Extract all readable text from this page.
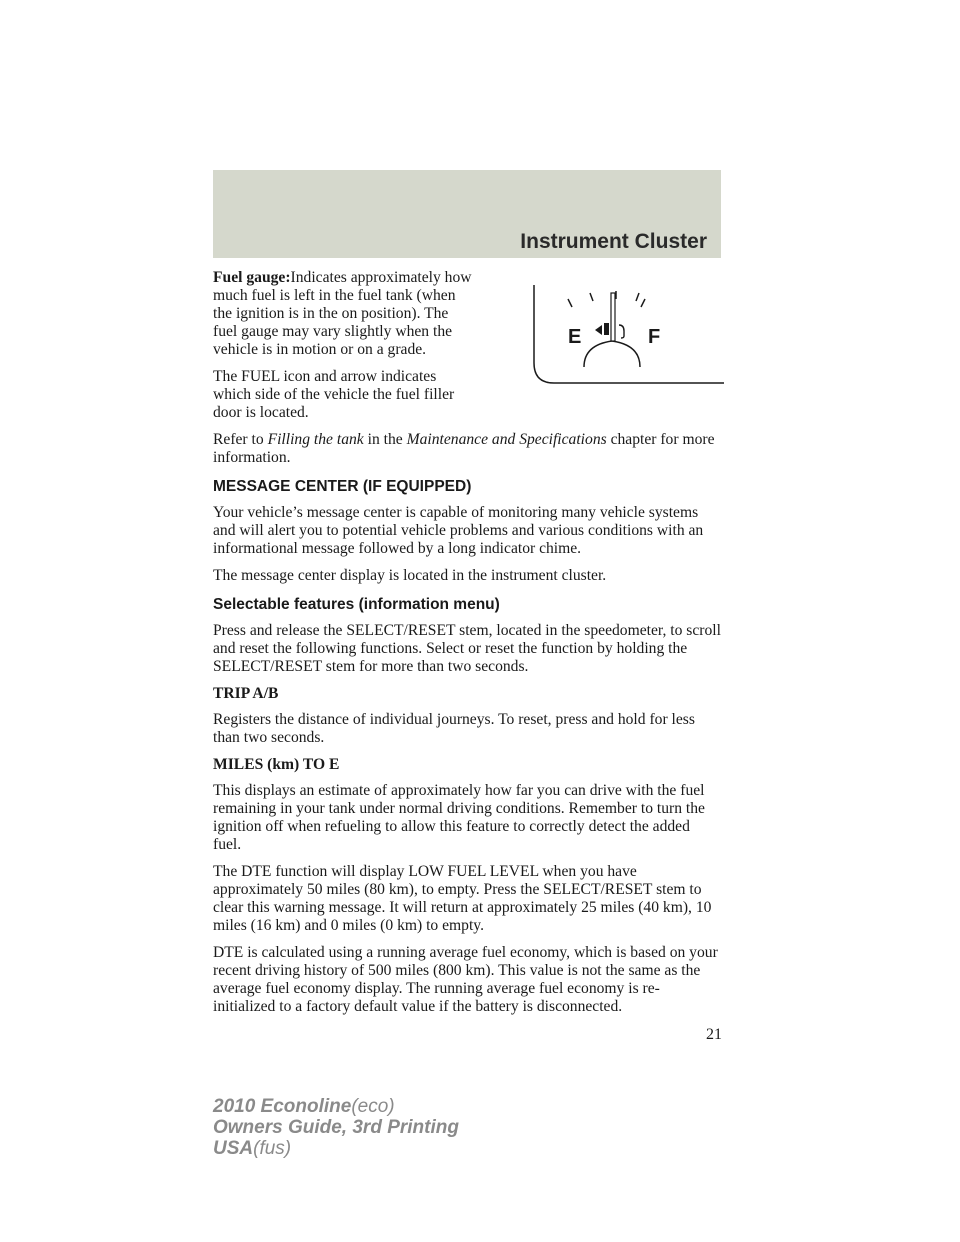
Instrument Cluster
E	F

Fuel gauge:Indicates approximately how much fuel is left in the fuel tank (when the ignition is in the on position). The fuel gauge may vary slightly when the vehicle is in motion or on a grade.

The FUEL icon and arrow indicates which side of the vehicle the fuel filler door is located.

Refer to Filling the tank in the Maintenance and Specifications chapter for more information.

MESSAGE CENTER (IF EQUIPPED)

Your vehicle’s message center is capable of monitoring many vehicle systems and will alert you to potential vehicle problems and various conditions with an informational message followed by a long indicator chime.

The message center display is located in the instrument cluster.

Selectable features (information menu)

Press and release the SELECT/RESET stem, located in the speedometer, to scroll and reset the following functions. Select or reset the function by holding the SELECT/RESET stem for more than two seconds.

TRIP A/B

Registers the distance of individual journeys. To reset, press and hold for less than two seconds.

MILES (km) TO E

This displays an estimate of approximately how far you can drive with the fuel remaining in your tank under normal driving conditions. Remember to turn the ignition off when refueling to allow this feature to correctly detect the added fuel.

The DTE function will display LOW FUEL LEVEL when you have approximately 50 miles (80 km), to empty. Press the SELECT/RESET stem to clear this warning message. It will return at approximately 25 miles (40 km), 10 miles (16 km) and 0 miles (0 km) to empty.

DTE is calculated using a running average fuel economy, which is based on your recent driving history of 500 miles (800 km). This value is not the same as the average fuel economy display. The running average fuel economy is re-initialized to a factory default value if the battery is disconnected.

21
2010 Econoline(eco)
Owners Guide, 3rd Printing
USA(fus)
